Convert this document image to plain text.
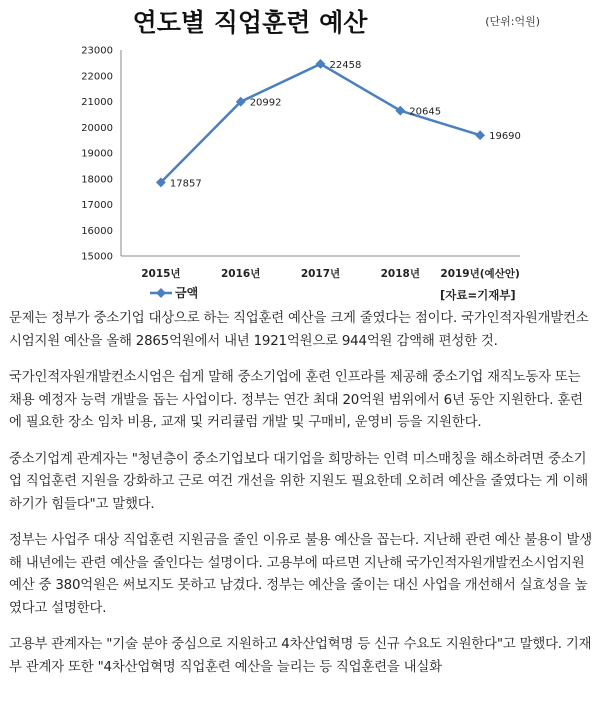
연도별 직업훈련 예산	(단위:억원)
15000
16000
17000
18000
19000
20000
21000
22000
23000
2015년	2016년	2017년	2018년 2019년(예산안)
17857
20992
22458
20645
19690
금액	[자료=기재부]

문제는 정부가 중소기업 대상으로 하는 직업훈련 예산을 크게 줄였다는 점이다. 국가인적자원개발컨소시엄지원 예산을 올해 2865억원에서 내년 1921억원으로 944억원 감액해 편성한 것.

국가인적자원개발컨소시엄은 쉽게 말해 중소기업에 훈련 인프라를 제공해 중소기업 재직노동자 또는 채용 예정자 능력 개발을 돕는 사업이다. 정부는 연간 최대 20억원 범위에서 6년 동안 지원한다. 훈련에 필요한 장소 임차 비용, 교재 및 커리큘럼 개발 및 구매비, 운영비 등을 지원한다.

중소기업계 관계자는 "청년층이 중소기업보다 대기업을 희망하는 인력 미스매칭을 해소하려면 중소기업 직업훈련 지원을 강화하고 근로 여건 개선을 위한 지원도 필요한데 오히려 예산을 줄였다는 게 이해하기가 힘들다"고 말했다.

정부는 사업주 대상 직업훈련 지원금을 줄인 이유로 불용 예산을 꼽는다. 지난해 관련 예산 불용이 발생해 내년에는 관련 예산을 줄인다는 설명이다. 고용부에 따르면 지난해 국가인적자원개발컨소시엄지원 예산 중 380억원은 써보지도 못하고 남겼다. 정부는 예산을 줄이는 대신 사업을 개선해서 실효성을 높였다고 설명한다.

고용부 관계자는 "기술 분야 중심으로 지원하고 4차산업혁명 등 신규 수요도 지원한다"고 말했다. 기재부 관계자 또한 "4차산업혁명 직업훈련 예산을 늘리는 등 직업훈련을 내실화
